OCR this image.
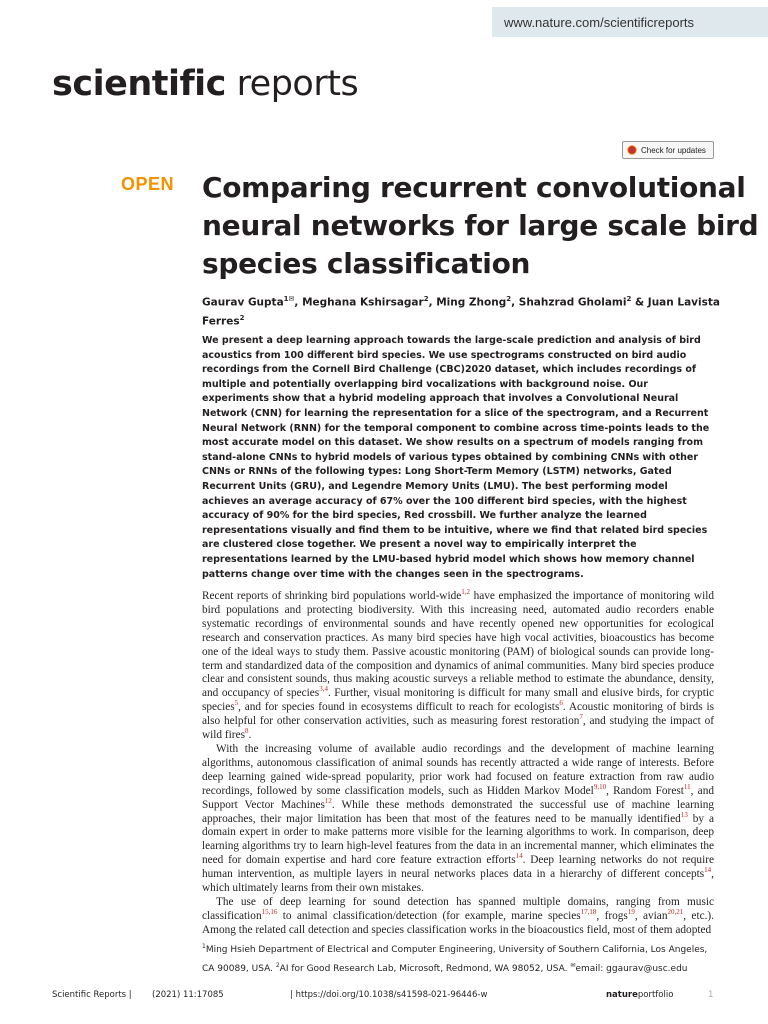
www.nature.com/scientificreports
scientific reports
Check for updates
OPEN Comparing recurrent convolutional neural networks for large scale bird species classification
Gaurav Gupta$^{1✉}$, Meghana Kshirsagar$^2$, Ming Zhong$^2$, Shahzrad Gholami$^2$ & Juan Lavista Ferres$^2$

We present a deep learning approach towards the large-scale prediction and analysis of bird acoustics from 100 different bird species. We use spectrograms constructed on bird audio recordings from the Cornell Bird Challenge (CBC)2020 dataset, which includes recordings of multiple and potentially overlapping bird vocalizations with background noise. Our experiments show that a hybrid modeling approach that involves a Convolutional Neural Network (CNN) for learning the representation for a slice of the spectrogram, and a Recurrent Neural Network (RNN) for the temporal component to combine across time-points leads to the most accurate model on this dataset. We show results on a spectrum of models ranging from stand-alone CNNs to hybrid models of various types obtained by combining CNNs with other CNNs or RNNs of the following types: Long Short-Term Memory (LSTM) networks, Gated Recurrent Units (GRU), and Legendre Memory Units (LMU). The best performing model achieves an average accuracy of 67% over the 100 different bird species, with the highest accuracy of 90% for the bird species, Red crossbill. We further analyze the learned representations visually and find them to be intuitive, where we find that related bird species are clustered close together. We present a novel way to empirically interpret the representations learned by the LMU-based hybrid model which shows how memory channel patterns change over time with the changes seen in the spectrograms.

Recent reports of shrinking bird populations world-wide$^{1,2}$ have emphasized the importance of monitoring wild bird populations and protecting biodiversity. With this increasing need, automated audio recorders enable systematic recordings of environmental sounds and have recently opened new opportunities for ecological research and conservation practices. As many bird species have high vocal activities, bioacoustics has become one of the ideal ways to study them. Passive acoustic monitoring (PAM) of biological sounds can provide long-term and standardized data of the composition and dynamics of animal communities. Many bird species produce clear and consistent sounds, thus making acoustic surveys a reliable method to estimate the abundance, density, and occupancy of species$^{3,4}$. Further, visual monitoring is difficult for many small and elusive birds, for cryptic species$^5$, and for species found in ecosystems difficult to reach for ecologists$^6$. Acoustic monitoring of birds is also helpful for other conservation activities, such as measuring forest restoration$^7$, and studying the impact of wild fires$^8$.

With the increasing volume of available audio recordings and the development of machine learning algorithms, autonomous classification of animal sounds has recently attracted a wide range of interests. Before deep learning gained wide-spread popularity, prior work had focused on feature extraction from raw audio recordings, followed by some classification models, such as Hidden Markov Model$^{9,10}$, Random Forest$^{11}$, and Support Vector Machines$^{12}$. While these methods demonstrated the successful use of machine learning approaches, their major limitation has been that most of the features need to be manually identified$^{13}$ by a domain expert in order to make patterns more visible for the learning algorithms to work. In comparison, deep learning algorithms try to learn high-level features from the data in an incremental manner, which eliminates the need for domain expertise and hard core feature extraction efforts$^{14}$. Deep learning networks do not require human intervention, as multiple layers in neural networks places data in a hierarchy of different concepts$^{14}$, which ultimately learns from their own mistakes.

The use of deep learning for sound detection has spanned multiple domains, ranging from music classification$^{15,16}$ to animal classification/detection (for example, marine species$^{17,18}$, frogs$^{19}$, avian$^{20,21}$, etc.). Among the related call detection and species classification works in the bioacoustics field, most of them adopted

$^1$Ming Hsieh Department of Electrical and Computer Engineering, University of Southern California, Los Angeles, CA 90089, USA. $^2$AI for Good Research Lab, Microsoft, Redmond, WA 98052, USA. ✉email: ggaurav@usc.edu
Scientific Reports | (2021) 11:17085	| https://doi.org/10.1038/s41598-021-96446-w	natureportfolio	1
